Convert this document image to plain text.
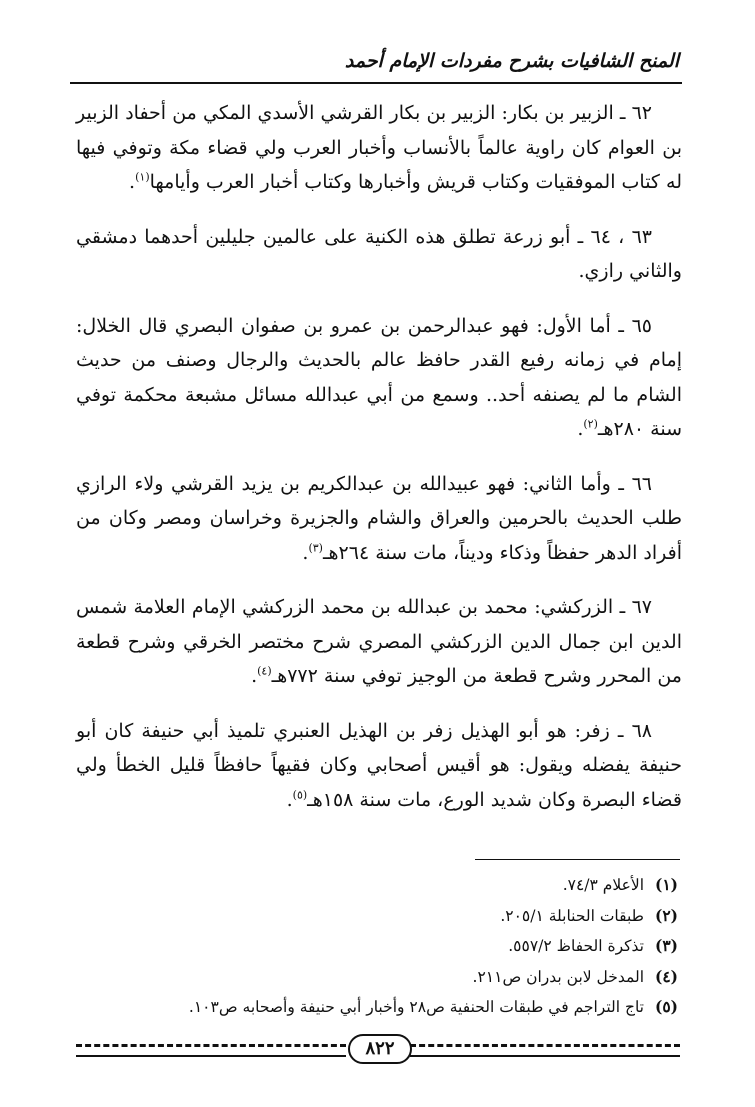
المنح الشافيات بشرح مفردات الإمام أحمد

٦٢ ـ الزبير بن بكار: الزبير بن بكار القرشي الأسدي المكي من أحفاد الزبير بن العوام كان راوية عالماً بالأنساب وأخبار العرب ولي قضاء مكة وتوفي فيها له كتاب الموفقيات وكتاب قريش وأخبارها وكتاب أخبار العرب وأيامها$^{(١)}$.

٦٣ ، ٦٤ ـ أبو زرعة تطلق هذه الكنية على عالمين جليلين أحدهما دمشقي والثاني رازي.

٦٥ ـ أما الأول: فهو عبدالرحمن بن عمرو بن صفوان البصري قال الخلال: إمام في زمانه رفيع القدر حافظ عالم بالحديث والرجال وصنف من حديث الشام ما لم يصنفه أحد.. وسمع من أبي عبدالله مسائل مشبعة محكمة توفي سنة ٢٨٠هـ$^{(٢)}$.

٦٦ ـ وأما الثاني: فهو عبيدالله بن عبدالكريم بن يزيد القرشي ولاء الرازي طلب الحديث بالحرمين والعراق والشام والجزيرة وخراسان ومصر وكان من أفراد الدهر حفظاً وذكاء وديناً، مات سنة ٢٦٤هـ$^{(٣)}$.

٦٧ ـ الزركشي: محمد بن عبدالله بن محمد الزركشي الإمام العلامة شمس الدين ابن جمال الدين الزركشي المصري شرح مختصر الخرقي وشرح قطعة من المحرر وشرح قطعة من الوجيز توفي سنة ٧٧٢هـ$^{(٤)}$.

٦٨ ـ زفر: هو أبو الهذيل زفر بن الهذيل العنبري تلميذ أبي حنيفة كان أبو حنيفة يفضله ويقول: هو أقيس أصحابي وكان فقيهاً حافظاً قليل الخطأ ولي قضاء البصرة وكان شديد الورع، مات سنة ١٥٨هـ$^{(٥)}$.

(١)الأعلام ٧٤/٣.
(٢)طبقات الحنابلة ٢٠٥/١.
(٣)تذكرة الحفاظ ٥٥٧/٢.
(٤)المدخل لابن بدران ص٢١١.
(٥)تاج التراجم في طبقات الحنفية ص٢٨ وأخبار أبي حنيفة وأصحابه ص١٠٣.
٨٢٢
